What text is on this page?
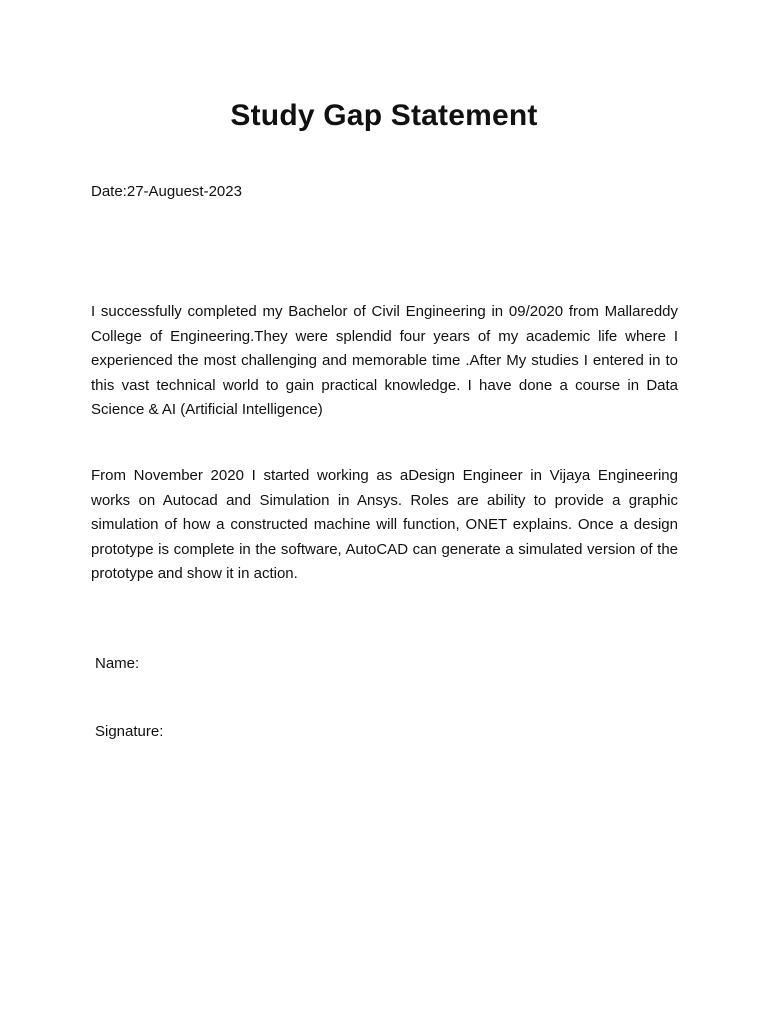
Study Gap Statement
Date:27-Auguest-2023

I successfully completed my Bachelor of Civil Engineering in 09/2020 from Mallareddy College of Engineering.They were splendid four years of my academic life where I experienced the most challenging and memorable time .After My studies I entered in to this vast technical world to gain practical knowledge. I have done a course in Data Science & AI (Artificial Intelligence)

From November 2020 I started working as aDesign Engineer in Vijaya Engineering works on Autocad and Simulation in Ansys. Roles are ability to provide a graphic simulation of how a constructed machine will function, ONET explains. Once a design prototype is complete in the software, AutoCAD can generate a simulated version of the prototype and show it in action.

Name:
Signature:
